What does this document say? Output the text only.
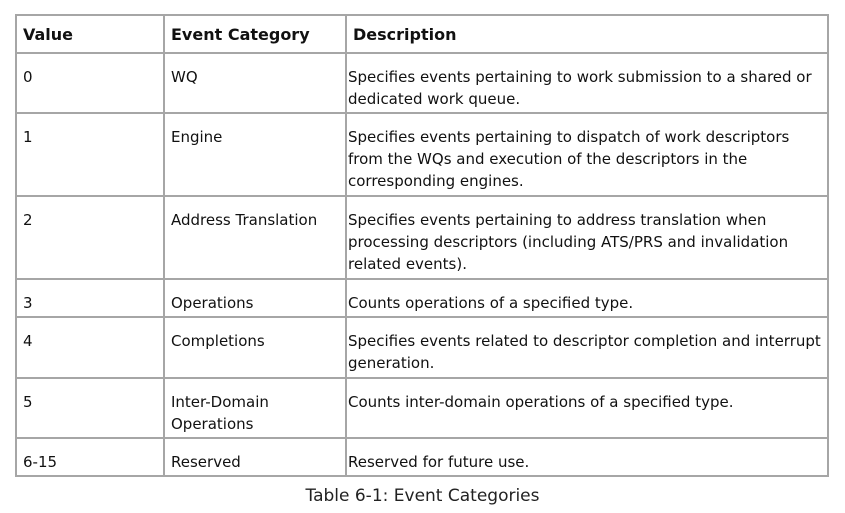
Value	Event Category	Description
0	WQ	Specifies events pertaining to work submission to a shared or dedicated work queue.
1	Engine	Specifies events pertaining to dispatch of work descriptors from the WQs and execution of the descriptors in the corresponding engines.
2	Address Translation	Specifies events pertaining to address translation when processing descriptors (including ATS/PRS and invalidation related events).
3	Operations	Counts operations of a specified type.
4	Completions	Specifies events related to descriptor completion and interrupt generation.
5	Inter-Domain Operations	Counts inter-domain operations of a specified type.
6-15	Reserved	Reserved for future use.
Table 6-1: Event Categories
